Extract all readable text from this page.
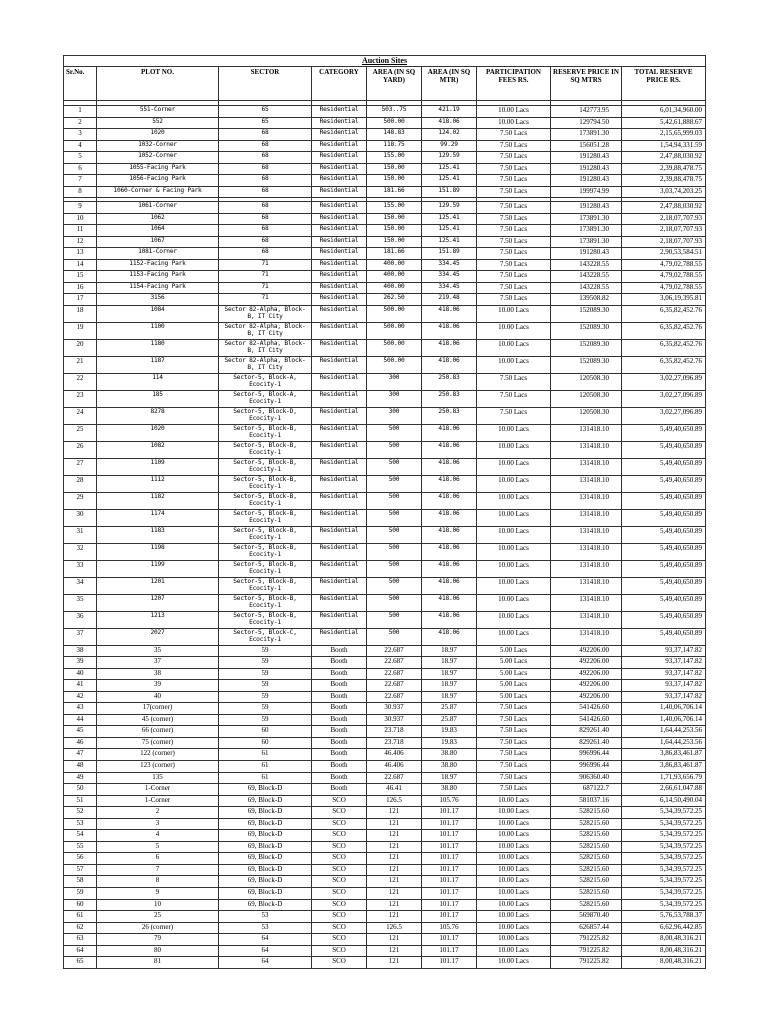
Auction Sites
Sr.No.	PLOT NO.	SECTOR	CATEGORY	AREA (IN SQ YARD)	AREA (IN SQ MTR)	PARTICIPATION FEES RS.	RESERVE PRICE IN SQ MTRS	TOTAL RESERVE PRICE RS.

1	551-Corner	65	Residential	503..75	421.19	10.00 Lacs	142773.95	6,01,34,960.00
2	552	65	Residential	500.00	418.06	10.00 Lacs	129794.50	5,42,61,888.67
3	1020	68	Residential	148.83	124.02	7.50 Lacs	173891.30	2,15,65,999.03
4	1032-Corner	68	Residential	118.75	99.29	7.50 Lacs	156051.28	1,54,94,331.59
5	1052-Corner	68	Residential	155.00	129.59	7.50 Lacs	191280.43	2,47,88,030.92
6	1055-Facing Park	68	Residential	150.00	125.41	7.50 Lacs	191280.43	2,39,88,478.75
7	1056-Facing Park	68	Residential	150.00	125.41	7.50 Lacs	191280.43	2,39,88,478.75
8	1060-Corner & Facing Park	68	Residential	181.66	151.89	7.50 Lacs	199974.99	3,03,74,203.25

9	1061-Corner	68	Residential	155.00	129.59	7.50 Lacs	191280.43	2,47,88,030.92
10	1062	68	Residential	150.00	125.41	7.50 Lacs	173891.30	2,18,07,707.93
11	1064	68	Residential	150.00	125.41	7.50 Lacs	173891.30	2,18,07,707.93
12	1067	68	Residential	150.00	125.41	7.50 Lacs	173891.30	2,18,07,707.93
13	1081-Corner	68	Residential	181.66	151.89	7.50 Lacs	191280.43	2,90,53,584.51
14	1152-Facing Park	71	Residential	400.00	334.45	7.50 Lacs	143228.55	4,79,02,788.55
15	1153-Facing Park	71	Residential	400.00	334.45	7.50 Lacs	143228.55	4,79,02,788.55
16	1154-Facing Park	71	Residential	400.00	334.45	7.50 Lacs	143228.55	4,79,02,788.55
17	3156	71	Residential	262.50	219.48	7.50 Lacs	139508.82	3,06,19,395.81
18	1084	Sector 82-Alpha, Block-B, IT City	Residential	500.00	418.06	10.00 Lacs	152089.30	6,35,82,452.76
19	1100	Sector 82-Alpha, Block-B, IT City	Residential	500.00	418.06	10.00 Lacs	152089.30	6,35,82,452.76
20	1180	Sector 82-Alpha, Block-B, IT City	Residential	500.00	418.06	10.00 Lacs	152089.30	6,35,82,452.76
21	1187	Sector 82-Alpha, Block-B, IT City	Residential	500.00	418.06	10.00 Lacs	152089.30	6,35,82,452.76
22	114	Sector-5, Block-A, Ecocity-1	Residential	300	250.83	7.50 Lacs	120508.30	3,02,27,096.89
23	185	Sector-5, Block-A, Ecocity-1	Residential	300	250.83	7.50 Lacs	120508.30	3,02,27,096.89
24	8278	Sector-5, Block-D, Ecocity-1	Residential	300	250.83	7.50 Lacs	120508.30	3,02,27,096.89
25	1020	Sector-5, Block-B, Ecocity-1	Residential	500	418.06	10.00 Lacs	131418.10	5,49,40,650.89
26	1082	Sector-5, Block-B, Ecocity-1	Residential	500	418.06	10.00 Lacs	131418.10	5,49,40,650.89
27	1109	Sector-5, Block-B, Ecocity-1	Residential	500	418.06	10.00 Lacs	131418.10	5,49,40,650.89
28	1112	Sector-5, Block-B, Ecocity-1	Residential	500	418.06	10.00 Lacs	131418.10	5,49,40,650.89
29	1182	Sector-5, Block-B, Ecocity-1	Residential	500	418.06	10.00 Lacs	131418.10	5,49,40,650.89
30	1174	Sector-5, Block-B, Ecocity-1	Residential	500	418.06	10.00 Lacs	131418.10	5,49,40,650.89
31	1183	Sector-5, Block-B, Ecocity-1	Residential	500	418.06	10.00 Lacs	131418.10	5,49,40,650.89
32	1198	Sector-5, Block-B, Ecocity-1	Residential	500	418.06	10.00 Lacs	131418.10	5,49,40,650.89
33	1199	Sector-5, Block-B, Ecocity-1	Residential	500	418.06	10.00 Lacs	131418.10	5,49,40,650.89
34	1201	Sector-5, Block-B, Ecocity-1	Residential	500	418.06	10.00 Lacs	131418.10	5,49,40,650.89
35	1207	Sector-5, Block-B, Ecocity-1	Residential	500	418.06	10.00 Lacs	131418.10	5,49,40,650.89
36	1213	Sector-5, Block-B, Ecocity-1	Residential	500	418.06	10.00 Lacs	131418.10	5,49,40,650.89
37	2027	Sector-5, Block-C, Ecocity-1	Residential	500	418.06	10.00 Lacs	131418.10	5,49,40,650.89
38	35	59	Booth	22.687	18.97	5.00 Lacs	492206.00	93,37,147.82
39	37	59	Booth	22.687	18.97	5.00 Lacs	492206.00	93,37,147.82
40	38	59	Booth	22.687	18.97	5.00 Lacs	492206.00	93,37,147.82
41	39	59	Booth	22.687	18.97	5.00 Lacs	492206.00	93,37,147.82
42	40	59	Booth	22.687	18.97	5.00 Lacs	492206.00	93,37,147.82
43	17(corner)	59	Booth	30.937	25.87	7.50 Lacs	541426.60	1,40,06,706.14
44	45 (corner)	59	Booth	30.937	25.87	7.50 Lacs	541426.60	1,40,06,706.14
45	66 (corner)	60	Booth	23.718	19.83	7.50 Lacs	829261.40	1,64,44,253.56
46	75 (corner)	60	Booth	23.718	19.83	7.50 Lacs	829261.40	1,64,44,253.56
47	122 (corner)	61	Booth	46.406	38.80	7.50 Lacs	996996.44	3,86,83,461.87
48	123 (corner)	61	Booth	46.406	38.80	7.50 Lacs	996996.44	3,86,83,461.87
49	135	61	Booth	22.687	18.97	7.50 Lacs	906360.40	1,71,93,656.79
50	1-Corner	69, Block-D	Booth	46.41	38.80	7.50 Lacs	687122.7	2,66,61,047.88
51	1-Corner	69, Block-D	SCO	126.5	105.76	10.00 Lacs	581037.16	6,14,50,490.04
52	2	69, Block-D	SCO	121	101.17	10.00 Lacs	528215.60	5,34,39,572.25
53	3	69, Block-D	SCO	121	101.17	10.00 Lacs	528215.60	5,34,39,572.25
54	4	69, Block-D	SCO	121	101.17	10.00 Lacs	528215.60	5,34,39,572.25
55	5	69, Block-D	SCO	121	101.17	10.00 Lacs	528215.60	5,34,39,572.25
56	6	69, Block-D	SCO	121	101.17	10.00 Lacs	528215.60	5,34,39,572.25
57	7	69, Block-D	SCO	121	101.17	10.00 Lacs	528215.60	5,34,39,572.25
58	8	69, Block-D	SCO	121	101.17	10.00 Lacs	528215.60	5,34,39,572.25
59	9	69, Block-D	SCO	121	101.17	10.00 Lacs	528215.60	5,34,39,572.25
60	10	69, Block-D	SCO	121	101.17	10.00 Lacs	528215.60	5,34,39,572.25
61	25	53	SCO	121	101.17	10.00 Lacs	569870.40	5,76,53,788.37
62	26 (corner)	53	SCO	126.5	105.76	10.00 Lacs	626857.44	6,62,96,442.85
63	79	64	SCO	121	101.17	10.00 Lacs	791225.82	8,00,48,316.21
64	80	64	SCO	121	101.17	10.00 Lacs	791225.82	8,00,48,316.21
65	81	64	SCO	121	101.17	10.00 Lacs	791225.82	8,00,48,316.21
